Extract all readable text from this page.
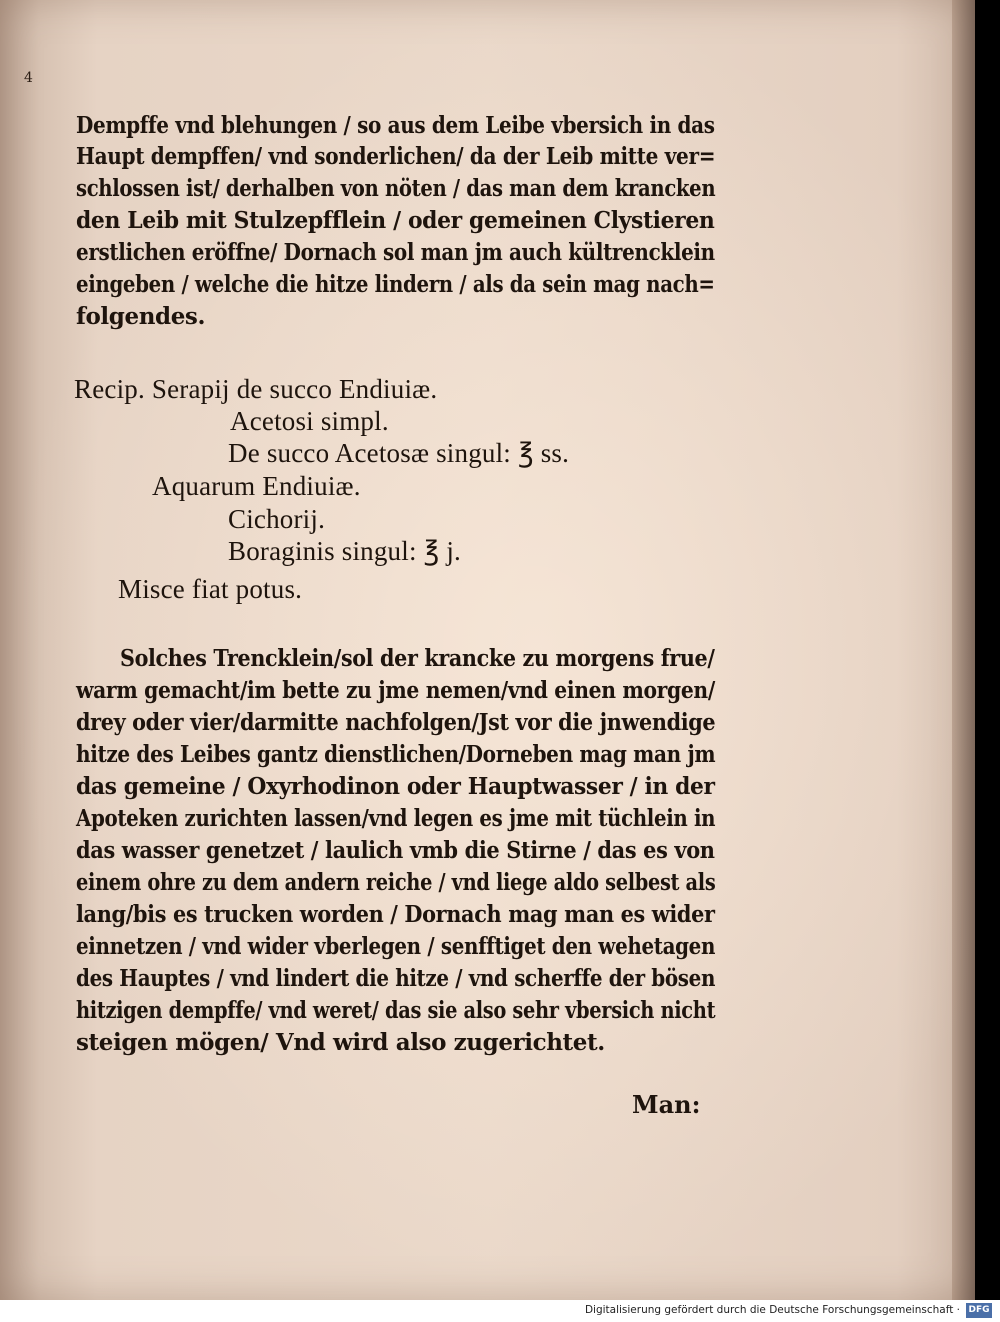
4
Dempffe vnd blehungen / so aus dem Leibe vbersich in das
Haupt dempffen/ vnd sonderlichen/ da der Leib mitte ver=
schlossen ist/ derhalben von nöten / das man dem krancken
den Leib mit Stulzepfflein / oder gemeinen Clystieren
erstlichen eröffne/ Dornach sol man jm auch kültrencklein
eingeben / welche die hitze lindern / als da sein mag nach=
folgendes.
Recip. Serapij de succo Endiuiæ.
Acetosi simpl.
De succo Acetosæ singul: ℥ ss.
Aquarum Endiuiæ.
Cichorij.
Boraginis singul: ℥ j.
Misce fiat potus.
Solches Trencklein/sol der krancke zu morgens frue/
warm gemacht/im bette zu jme nemen/vnd einen morgen/
drey oder vier/darmitte nachfolgen/Jst vor die jnwendige
hitze des Leibes gantz dienstlichen/Dorneben mag man jm
das gemeine / Oxyrhodinon oder Hauptwasser / in der
Apoteken zurichten lassen/vnd legen es jme mit tüchlein in
das wasser genetzet / laulich vmb die Stirne / das es von
einem ohre zu dem andern reiche / vnd liege aldo selbest als
lang/bis es trucken worden / Dornach mag man es wider
einnetzen / vnd wider vberlegen / senfftiget den wehetagen
des Hauptes / vnd lindert die hitze / vnd scherffe der bösen
hitzigen dempffe/ vnd weret/ das sie also sehr vbersich nicht
steigen mögen/ Vnd wird also zugerichtet.
Man:
Digitalisierung gefördert durch die Deutsche Forschungsgemeinschaft · DFG
